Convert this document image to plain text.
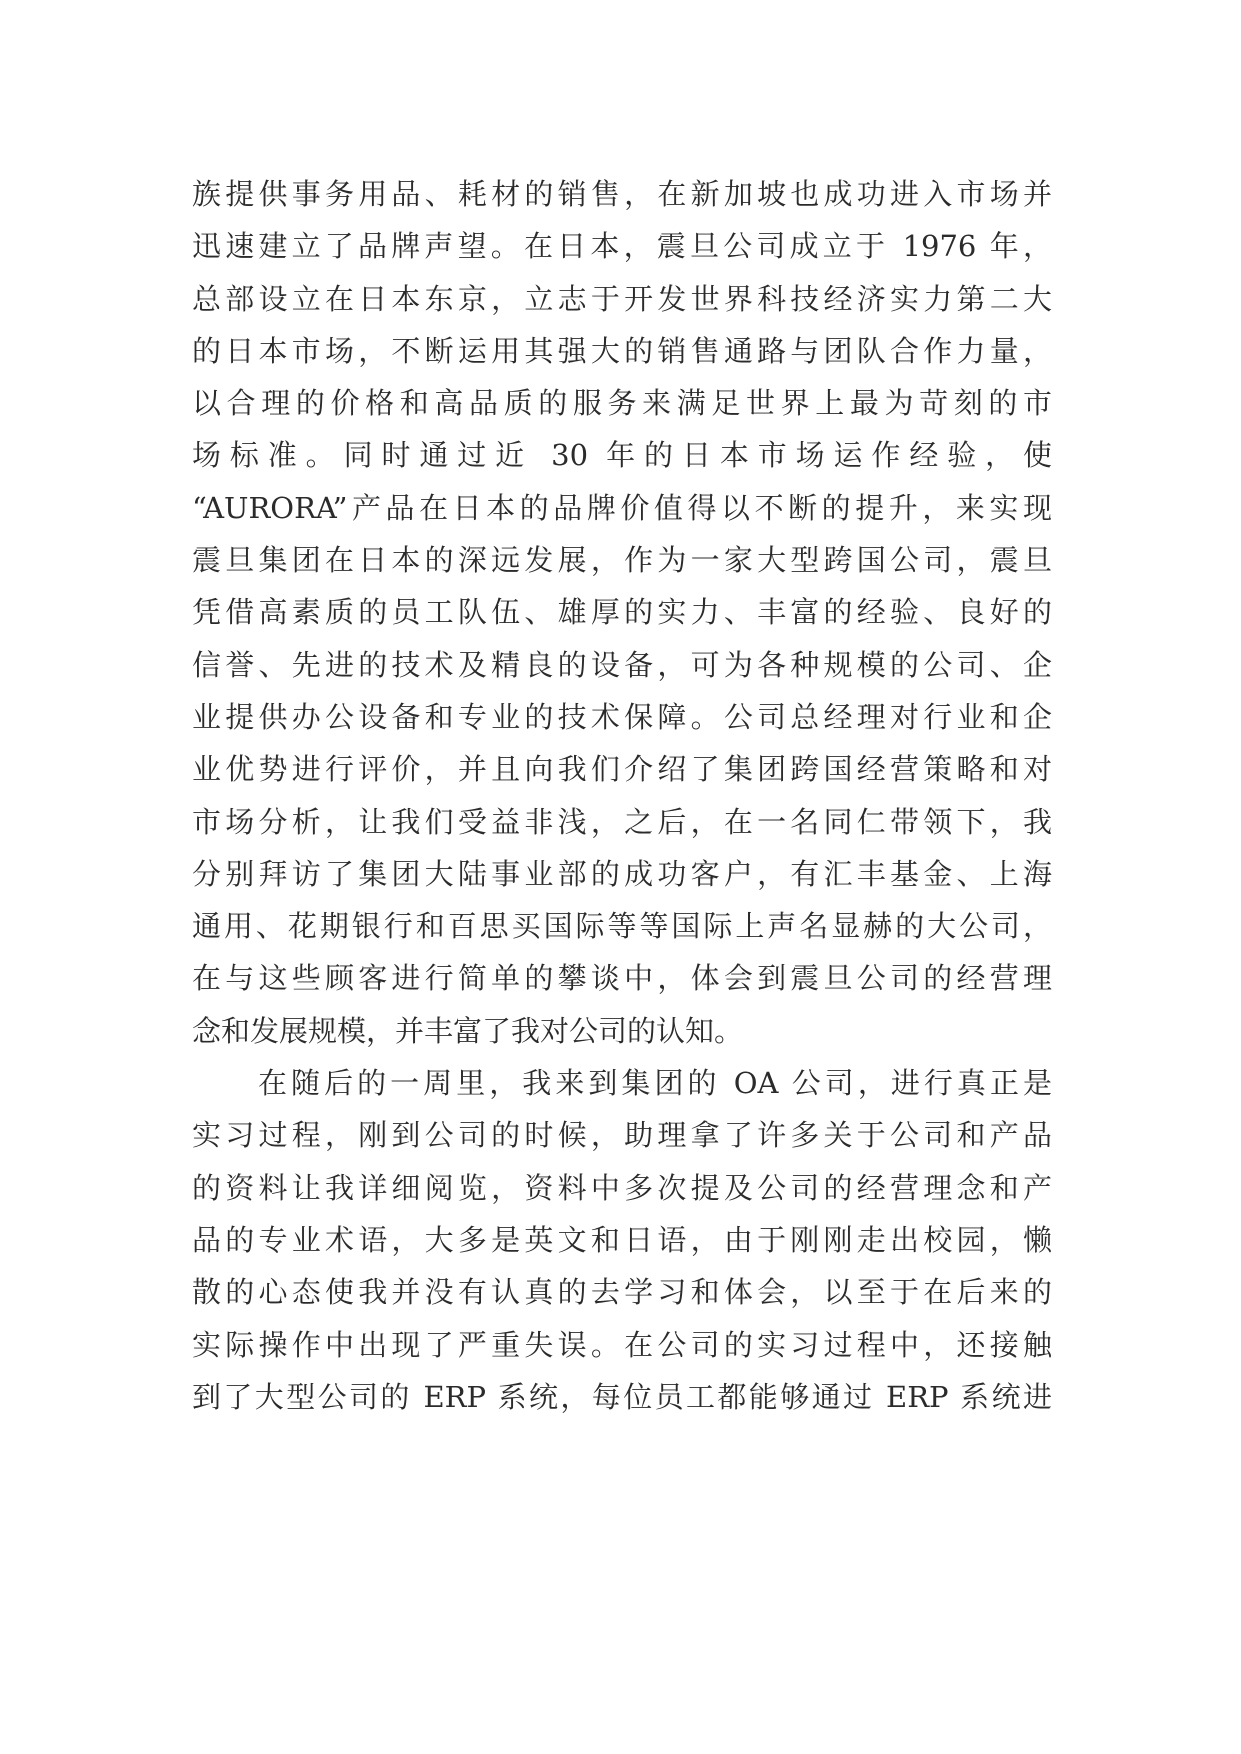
族提供事务用品、耗材的销售，在新加坡也成功进入市场并
迅速建立了品牌声望。在日本，震旦公司成立于 1976 年，
总部设立在日本东京，立志于开发世界科技经济实力第二大
的日本市场，不断运用其强大的销售通路与团队合作力量，
以合理的价格和高品质的服务来满足世界上最为苛刻的市
场标准。同时通过近 30 年的日本市场运作经验，使
“AURORA”产品在日本的品牌价值得以不断的提升，来实现
震旦集团在日本的深远发展，作为一家大型跨国公司，震旦
凭借高素质的员工队伍、雄厚的实力、丰富的经验、良好的
信誉、先进的技术及精良的设备，可为各种规模的公司、企
业提供办公设备和专业的技术保障。公司总经理对行业和企
业优势进行评价，并且向我们介绍了集团跨国经营策略和对
市场分析，让我们受益非浅，之后，在一名同仁带领下，我
分别拜访了集团大陆事业部的成功客户，有汇丰基金、上海
通用、花期银行和百思买国际等等国际上声名显赫的大公司，
在与这些顾客进行简单的攀谈中，体会到震旦公司的经营理
念和发展规模，并丰富了我对公司的认知。
在随后的一周里，我来到集团的 OA 公司，进行真正是
实习过程，刚到公司的时候，助理拿了许多关于公司和产品
的资料让我详细阅览，资料中多次提及公司的经营理念和产
品的专业术语，大多是英文和日语，由于刚刚走出校园，懒
散的心态使我并没有认真的去学习和体会，以至于在后来的
实际操作中出现了严重失误。在公司的实习过程中，还接触
到了大型公司的 ERP 系统，每位员工都能够通过 ERP 系统进
